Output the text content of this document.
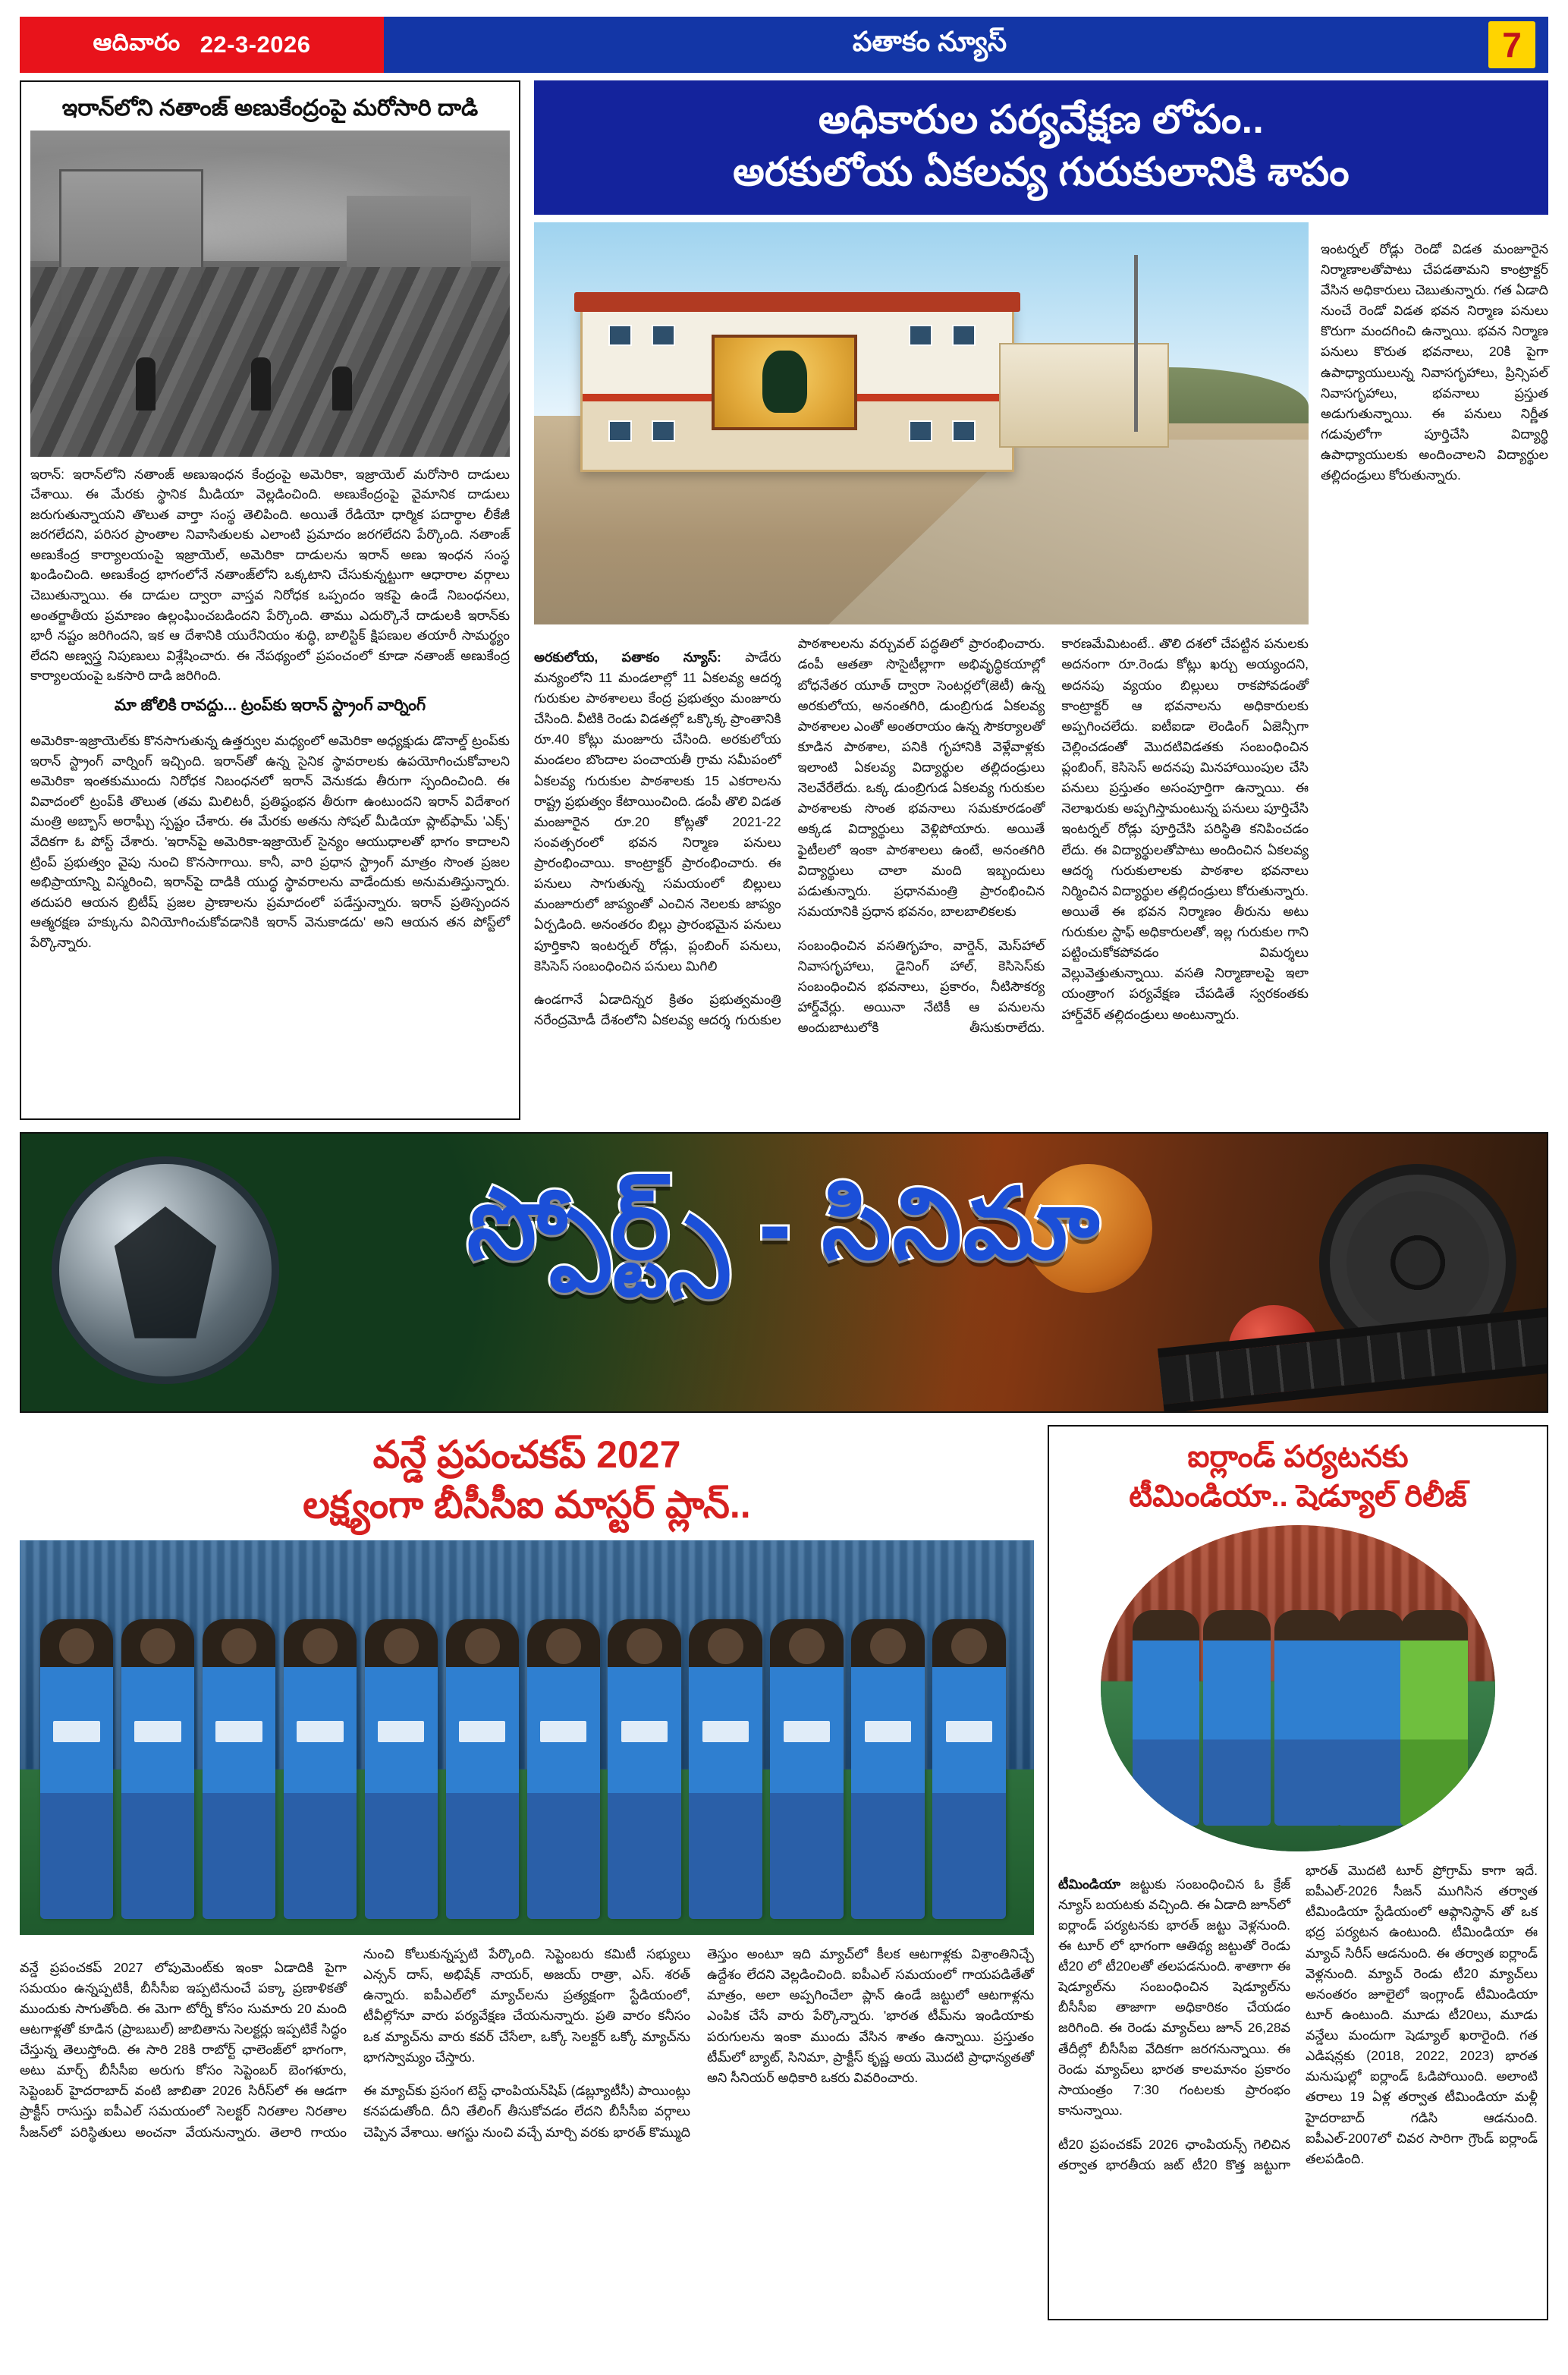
ఆదివారం 22-3-2026	పతాకం న్యూస్	7
ఇరాన్‌లోని నతాంజ్ అణుకేంద్రంపై మరోసారి దాడి
ఇరాన్: ఇరాన్‌లోని నతాంజ్ అణుఇంధన కేంద్రంపై అమెరికా, ఇజ్రాయెల్ మరోసారి దాడులు చేశాయి. ఈ మేరకు స్థానిక మీడియా వెల్లడించింది. అణుకేంద్రంపై వైమానిక దాడులు జరుగుతున్నాయని తొలుత వార్తా సంస్థ తెలిపింది. అయితే రేడియో ధార్మిక పదార్థాల లీకేజీ జరగలేదని, పరిసర ప్రాంతాల నివాసితులకు ఎలాంటి ప్రమాదం జరగలేదని పేర్కొంది. నతాంజ్ అణుకేంద్ర కార్యాలయంపై ఇజ్రాయెల్, అమెరికా దాడులను ఇరాన్ అణు ఇంధన సంస్థ ఖండించింది. అణుకేంద్ర భాగంలోనే నతాంజ్‌లోని ఒక్కటాని చేసుకున్నట్టుగా ఆధారాల వర్గాలు చెబుతున్నాయి. ఈ దాడుల ద్వారా వాస్తవ నిరోధక ఒప్పందం ఇకపై ఉండే నిబంధనలు, అంతర్జాతీయ ప్రమాణం ఉల్లంఘించబడిందని పేర్కొంది. తాము ఎదుర్కొనే దాడులకి ఇరాన్‌కు భారీ నష్టం జరిగిందని, ఇక ఆ దేశానికి యురేనియం శుద్ధి, బాలిస్టిక్ క్షిపణుల తయారీ సామర్థ్యం లేదని అణ్వస్త్ర నిపుణులు విశ్లేషించారు. ఈ నేపథ్యంలో ప్రపంచంలో కూడా నతాంజ్ అణుకేంద్ర కార్యాలయంపై ఒకసారి దాడి జరిగింది.
మా జోలికి రావద్దు... ట్రంప్‌కు ఇరాన్ స్ట్రాంగ్ వార్నింగ్
అమెరికా-ఇజ్రాయెల్‌కు కొనసాగుతున్న ఉత్తర్వుల మధ్యంలో అమెరికా అధ్యక్షుడు డొనాల్డ్ ట్రంప్‌కు ఇరాన్ స్ట్రాంగ్ వార్నింగ్ ఇచ్చింది. ఇరాన్‌తో ఉన్న సైనిక స్థావరాలకు ఉపయోగించుకోవాలని అమెరికా ఇంతకుముందు నిరోధక నిబంధనలో ఇరాన్ వెనుకడు తీరుగా స్పందించింది. ఈ వివాదంలో ట్రంప్‌కి తొలుత (తమ మిలిటరీ, ప్రతిష్ఠంభన తీరుగా ఉంటుందని ఇరాన్ విదేశాంగ మంత్రి అబ్బాస్ అరాఘ్చీ స్పష్టం చేశారు. ఈ మేరకు అతను సోషల్ మీడియా ప్లాట్‌ఫామ్ 'ఎక్స్' వేదికగా ఓ పోస్ట్ చేశారు. 'ఇరాన్‌పై అమెరికా-ఇజ్రాయెల్ సైన్యం ఆయుధాలతో భాగం కాదాలని ట్రింప్ ప్రభుత్వం వైపు నుంచి కొనసాగాయి. కానీ, వారి ప్రధాన స్ట్రాంగ్ మాత్రం సొంత ప్రజల అభిప్రాయాన్ని విస్మరించి, ఇరాన్‌పై దాడికి యుద్ధ స్థావరాలను వాడేందుకు అనుమతిస్తున్నారు. తదుపరి ఆయన బ్రిటీష్ ప్రజల ప్రాణాలను ప్రమాదంలో పడేస్తున్నారు. ఇరాన్‌ ప్రతిస్పందన ఆత్మరక్షణ హక్కును వినియోగించుకోవడానికి ఇరాన్ వెనుకాడదు' అని ఆయన తన పోస్ట్‌లో పేర్కొన్నారు.
అధికారుల పర్యవేక్షణ లోపం..
అరకులోయ ఏకలవ్య గురుకులానికి శాపం

అరకులోయ, పతాకం న్యూస్: పాడేరు మన్యంలోని 11 మండలాల్లో 11 ఏకలవ్య ఆదర్శ గురుకుల పాఠశాలలు కేంద్ర ప్రభుత్వం మంజూరు చేసింది. వీటికి రెండు విడతల్లో ఒక్కొక్క ప్రాంతానికి రూ.40 కోట్లు మంజూరు చేసింది. అరకులోయ మండలం బొందాల పంచాయతీ గ్రామ సమీపంలో ఏకలవ్య గురుకుల పాఠశాలకు 15 ఎకరాలను రాష్ట్ర ప్రభుత్వం కేటాయించింది. డంపీ తొలి విడత మంజూరైన రూ.20 కోట్లతో 2021-22 సంవత్సరంలో భవన నిర్మాణ పనులు ప్రారంభించాయి. కాంట్రాక్టర్ ప్రారంభించారు. ఈ పనులు సాగుతున్న సమయంలో బిల్లులు మంజూరులో జాప్యంతో ఎంచిన నెలలకు జాప్యం ఏర్పడింది. అనంతరం బిల్లు ప్రారంభమైన పనులు పూర్తికాని ఇంటర్నల్ రోడ్లు, ప్లంబింగ్ పనులు, కెసిసెస్ సంబంధించిన పనులు మిగిలి

ఉండగానే ఏడాదిన్నర క్రితం ప్రభుత్వమంత్రి నరేంద్రమోడీ దేశంలోని ఏకలవ్య ఆదర్శ గురుకుల పాఠశాలలను వర్చువల్ పద్ధతిలో ప్రారంభించారు. డంపీ ఆతతా సొసైటీల్లాగా అభివృద్ధికయాల్లో బోధనేతర యూత్ ద్వారా సెంటర్లలో(జెటీ) ఉన్న అరకులోయ, అనంతగిరి, డుంబ్రిగుడ ఏకలవ్య పాఠశాలల ఎంతో అంతరాయం ఉన్న సౌకర్యాలతో కూడిన పాఠశాల, పనికి గృహానికి వెళ్లేవాళ్లకు ఇలాంటి ఏకలవ్య విద్యార్థుల తల్లిదండ్రులు నెలవేరేలేదు. ఒక్క డుంబ్రిగుడ ఏకలవ్య గురుకుల పాఠశాలకు సొంత భవనాలు సమకూరడంతో అక్కడ విద్యార్థులు వెళ్లిపోయారు. అయితే ఫైటీలలో ఇంకా పాఠశాలలు ఉంటే, అనంతగిరి విద్యార్థులు చాలా మంది ఇబ్బందులు పడుతున్నారు. ప్రధానమంత్రి ప్రారంభించిన సమయానికి ప్రధాన భవనం, బాలబాలికలకు

సంబంధించిన వసతిగృహం, వార్డెన్, మెస్‌హాల్ నివాసగృహాలు, డైనింగ్ హాల్, కెసిసెస్‌కు సంబంధించిన భవనాలు, ప్రకారం, నీటిసౌకర్య హార్డ్‌వేర్లు. అయినా నేటికీ ఆ పనులను అందుబాటులోకి తీసుకురాలేదు. కారణమేమిటంటే.. తొలి దశలో చేపట్టిన పనులకు అదనంగా రూ.రెండు కోట్లు ఖర్చు అయ్యందని, అదనపు వ్యయం బిల్లులు రాకపోవడంతో కాంట్రాక్టర్ ఆ భవనాలను అధికారులకు అప్పగించలేదు. ఐటీఐడా లెండింగ్ ఏజెన్సీగా చెల్లించడంతో మొదటివిడతకు సంబంధించిన ప్లంబింగ్, కెసిసెస్ అదనపు మినహాయింపుల చేసి పనులు ప్రస్తుతం అసంపూర్తిగా ఉన్నాయి. ఈ నెలాఖరుకు అప్పగిస్తామంటున్న పనులు పూర్తిచేసి ఇంటర్నల్ రోడ్లు పూర్తిచేసి పరిస్థితి కనిపించడం లేదు. ఈ విద్యార్థులతోపాటు అందించిన ఏకలవ్య ఆదర్శ గురుకులాలకు పాఠశాల భవనాలు నిర్మించిన విద్యార్థుల తల్లిదండ్రులు కోరుతున్నారు. అయితే ఈ భవన నిర్మాణం తీరును అటు గురుకుల స్టాఫ్ అధికారులతో, ఇల్ల గురుకుల గాని పట్టించుకోకపోవడం విమర్శలు వెల్లువెత్తుతున్నాయి. వసతి నిర్మాణాలపై ఇలా యంత్రాంగ పర్యవేక్షణ చేపడితే స్వరకంతకు హార్డ్‌వేర్ తల్లిదండ్రులు అంటున్నారు.

ఇంటర్నల్ రోడ్లు రెండో విడత మంజూరైన నిర్మాణాలతోపాటు చేపడతామని కాంట్రాక్టర్ వేసిన అధికారులు చెబుతున్నారు. గత ఏడాది నుంచే రెండో విడత భవన నిర్మాణ పనులు కొరుగా మందగించి ఉన్నాయి. భవన నిర్మాణ పనులు కొరుత భవనాలు, 20కి పైగా ఉపాధ్యాయులున్న నివాసగృహాలు, ప్రిన్సిపల్ నివాసగృహాలు, భవనాలు ప్రస్తుత అడుగుతున్నాయి. ఈ పనులు నిర్ణీత గడువులోగా పూర్తిచేసి విద్యార్థి ఉపాధ్యాయులకు అందించాలని విద్యార్థుల తల్లిదండ్రులు కోరుతున్నారు.

స్పోర్ట్స్ - సినిమా
వన్డే ప్రపంచకప్ 2027
లక్ష్యంగా బీసీసీఐ మాస్టర్ ప్లాన్..

వన్డే ప్రపంచకప్ 2027 లోపుమెంట్‌కు ఇంకా ఏడాదికి పైగా సమయం ఉన్నప్పటికీ, బీసీసీఐ ఇప్పటినుంచే పక్కా ప్రణాళికతో ముందుకు సాగుతోంది. ఈ మెగా టోర్నీ కోసం సుమారు 20 మంది ఆటగాళ్లతో కూడిన (ప్రాబబుల్) జాబితాను సెలక్టర్లు ఇప్పటికే సిద్ధం చేస్తున్న తెలుస్తోంది. ఈ సారి 28కి రాబోర్ట్ ఛాలెంజ్‌లో భాగంగా, అటు మార్చ్ బీసీసీఐ అరుగు కోసం సెప్టెంబర్ బెంగళూరు, సెప్టెంబర్ హైదరాబాద్ వంటి జాబితా 2026 సిరీస్‌లో ఈ ఆడగా ప్రాక్టీస్ రాసుస్తు ఐపీఎల్ సమయంలో సెలక్టర్ నిరతాల నిరతాల సీజన్‌లో పరిస్థితులు అంచనా వేయనున్నారు. తెలారి గాయం నుంచి కోలుకున్నప్పటి పేర్కొంది. సెప్టెంబరు కమిటీ సభ్యులు ఎన్సన్ దాస్, అభిషేక్ నాయర్, అజయ్ రాత్రా, ఎస్. శరత్ ఉన్నారు. ఐపీఎల్‌లో మ్యాచ్‌లను ప్రత్యక్షంగా స్టేడియంలో, టీవీల్లోనూ వారు పర్యవేక్షణ చేయనున్నారు. ప్రతి వారం కనీసం ఒక మ్యాచ్‌ను వారు కవర్ చేసేలా, ఒక్కో సెలక్టర్ ఒక్కో మ్యాచ్‌ను భాగస్వామ్యం చేస్తారు.

ఈ మ్యాచ్‌కు ప్రసంగ టెస్ట్ ఛాంపియన్‌షిప్ (డబ్ల్యూటీసీ) పాయింట్లు కనపడుతోంది. దీని తేలింగ్ తీసుకోవడం లేదని బీసీసీఐ వర్గాలు చెప్పిన వేశాయి. ఆగస్టు నుంచి వచ్చే మార్చి వరకు భారత్ కొమ్ముది తెస్తుం అంటూ ఇది మ్యాచ్‌లో కీలక ఆటగాళ్లకు విశ్రాంతినిచ్చే ఉద్దేశం లేదని వెల్లడించింది. ఐపీఎల్ సమయంలో గాయపడితేతో మాత్రం, అలా అప్పగించేలా ప్లాన్ ఉండే జట్టులో ఆటగాళ్లను ఎంపిక చేసే వారు పేర్కొన్నారు. 'భారత టీమ్‌ను ఇండియాకు పరుగులను ఇంకా ముందు వేసిన శాతం ఉన్నాయి. ప్రస్తుతం టీమ్‌లో బ్యాట్, సినిమా, ప్రాక్టీస్ కృష్ణ అయ మెుదటి ప్రాధాన్యతతో అని సీనియర్ అధికారి ఒకరు వివరించారు.

ఐర్లాండ్ పర్యటనకు
టీమిండియా.. షెడ్యూల్ రిలీజ్

టీమిండియా జట్టుకు సంబంధించిన ఓ క్రేజ్ న్యూస్ బయటకు వచ్చింది. ఈ ఏడాది జూన్‌లో ఐర్లాండ్ పర్యటనకు భారత్ జట్టు వెళ్లనుంది. ఈ టూర్ లో భాగంగా ఆతిథ్య జట్టుతో రెండు టీ20 లో టీ20లతో తలపడనుంది. శాతాగా ఈ షెడ్యూల్‌ను సంబంధించిన షెడ్యూల్‌ను బీసీసీఐ తాజాగా అధికారికం చేయడం జరిగింది. ఈ రెండు మ్యాచ్‌లు జూన్ 26,28వ తేదీల్లో బీసీసీఐ వేదికగా జరగనున్నాయి. ఈ రెండు మ్యాచ్‌లు భారత కాలమానం ప్రకారం సాయంత్రం 7:30 గంటలకు ప్రారంభం కానున్నాయి.

టీ20 ప్రపంచకప్ 2026 ఛాంపియన్స్ గెలిచిన తర్వాత భారతీయ జట్ టీ20 కొత్త జట్టుగా భారత్ మొదటి టూర్ ప్రోగ్రామ్ కాగా ఇదే. ఐపీఎల్-2026 సీజన్ ముగిసిన తర్వాత టీమిండియా స్టేడియంలో ఆఫ్గానిస్థాన్ తో ఒక భద్ర పర్యటన ఉంటుంది. టీమిండియా ఈ మ్యాచ్ సిరీస్ ఆడనుంది. ఈ తర్వాత ఐర్లాండ్ వెళ్లనుంది. మ్యాచ్ రెండు టీ20 మ్యాచ్‌లు అనంతరం జూలైలో ఇంగ్లాండ్ టీమిండియా టూర్ ఉంటుంది. మూడు టీ20లు, మూడు వన్డేలు మందుగా షెడ్యూల్ ఖరారైంది. గత ఎడిషన్లకు (2018, 2022, 2023) భారత మనుషుల్లో ఐర్లాండ్ ఓడిపోయింది. అలాంటి తరాలు 19 ఏళ్ల తర్వాత టీమిండియా మళ్లీ హైదరాబాద్ గడిసి ఆడనుంది. ఐపీఎల్-2007లో చివర సారిగా గ్రౌండ్ ఐర్లాండ్ తలపడింది.
